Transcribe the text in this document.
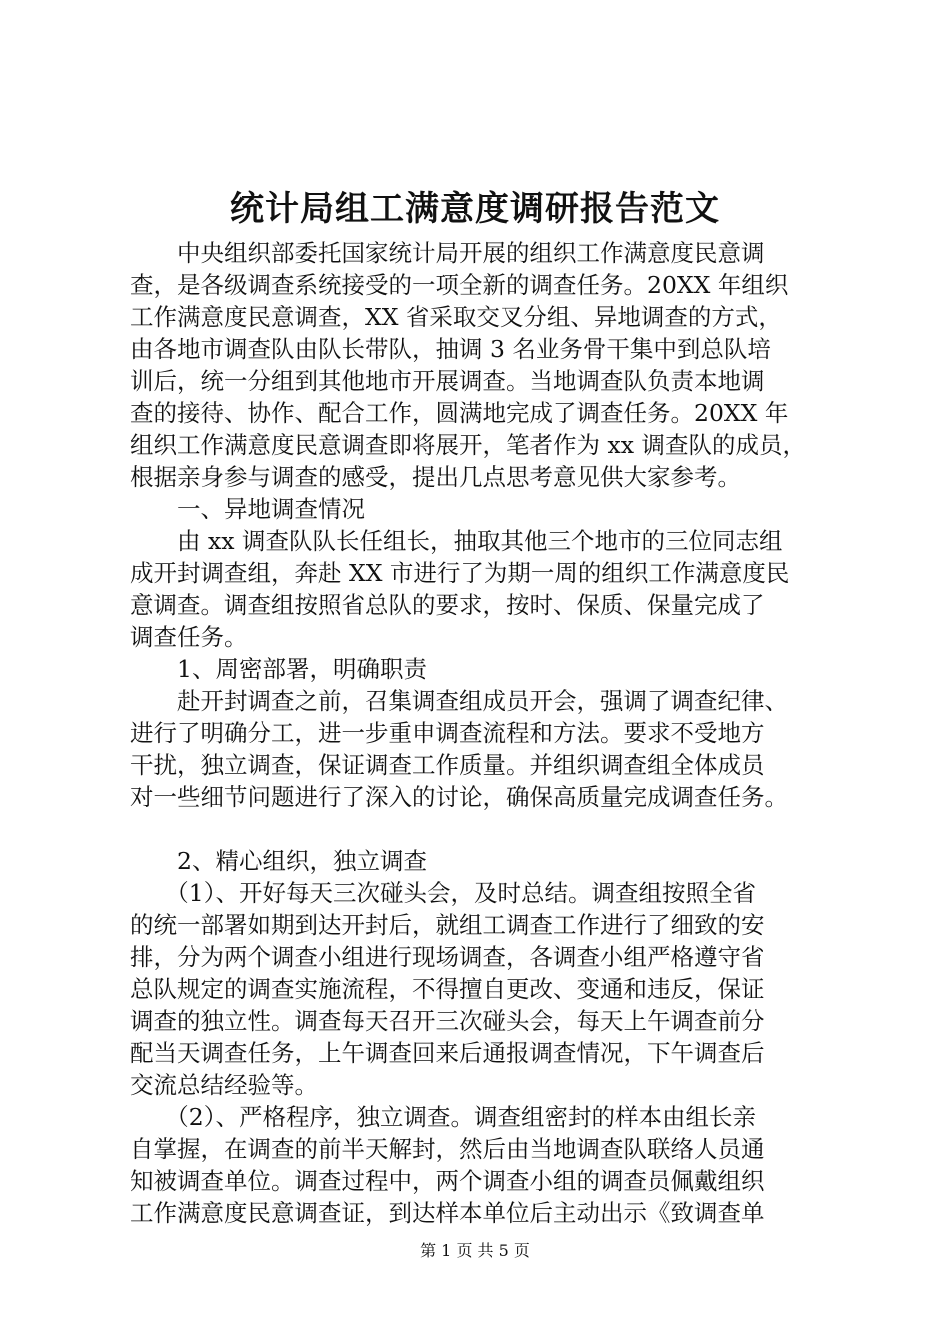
统计局组工满意度调研报告范文
　　中央组织部委托国家统计局开展的组织工作满意度民意调
查，是各级调查系统接受的一项全新的调查任务。20XX 年组织
工作满意度民意调查，XX 省采取交叉分组、异地调查的方式，
由各地市调查队由队长带队，抽调 3 名业务骨干集中到总队培
训后，统一分组到其他地市开展调查。当地调查队负责本地调
查的接待、协作、配合工作，圆满地完成了调查任务。20XX 年
组织工作满意度民意调查即将展开，笔者作为 xx 调查队的成员，
根据亲身参与调查的感受，提出几点思考意见供大家参考。
　　一、异地调查情况
　　由 xx 调查队队长任组长，抽取其他三个地市的三位同志组
成开封调查组，奔赴 XX 市进行了为期一周的组织工作满意度民
意调查。调查组按照省总队的要求，按时、保质、保量完成了
调查任务。
　　1、周密部署，明确职责
　　赴开封调查之前，召集调查组成员开会，强调了调查纪律、
进行了明确分工，进一步重申调查流程和方法。要求不受地方
干扰，独立调查，保证调查工作质量。并组织调查组全体成员
对一些细节问题进行了深入的讨论，确保高质量完成调查任务。
　　2、精心组织，独立调查
　　（1）、开好每天三次碰头会，及时总结。调查组按照全省
的统一部署如期到达开封后，就组工调查工作进行了细致的安
排，分为两个调查小组进行现场调查，各调查小组严格遵守省
总队规定的调查实施流程，不得擅自更改、变通和违反，保证
调查的独立性。调查每天召开三次碰头会，每天上午调查前分
配当天调查任务，上午调查回来后通报调查情况，下午调查后
交流总结经验等。
　　（2）、严格程序，独立调查。调查组密封的样本由组长亲
自掌握，在调查的前半天解封，然后由当地调查队联络人员通
知被调查单位。调查过程中，两个调查小组的调查员佩戴组织
工作满意度民意调查证，到达样本单位后主动出示《致调查单
第 1 页 共 5 页
